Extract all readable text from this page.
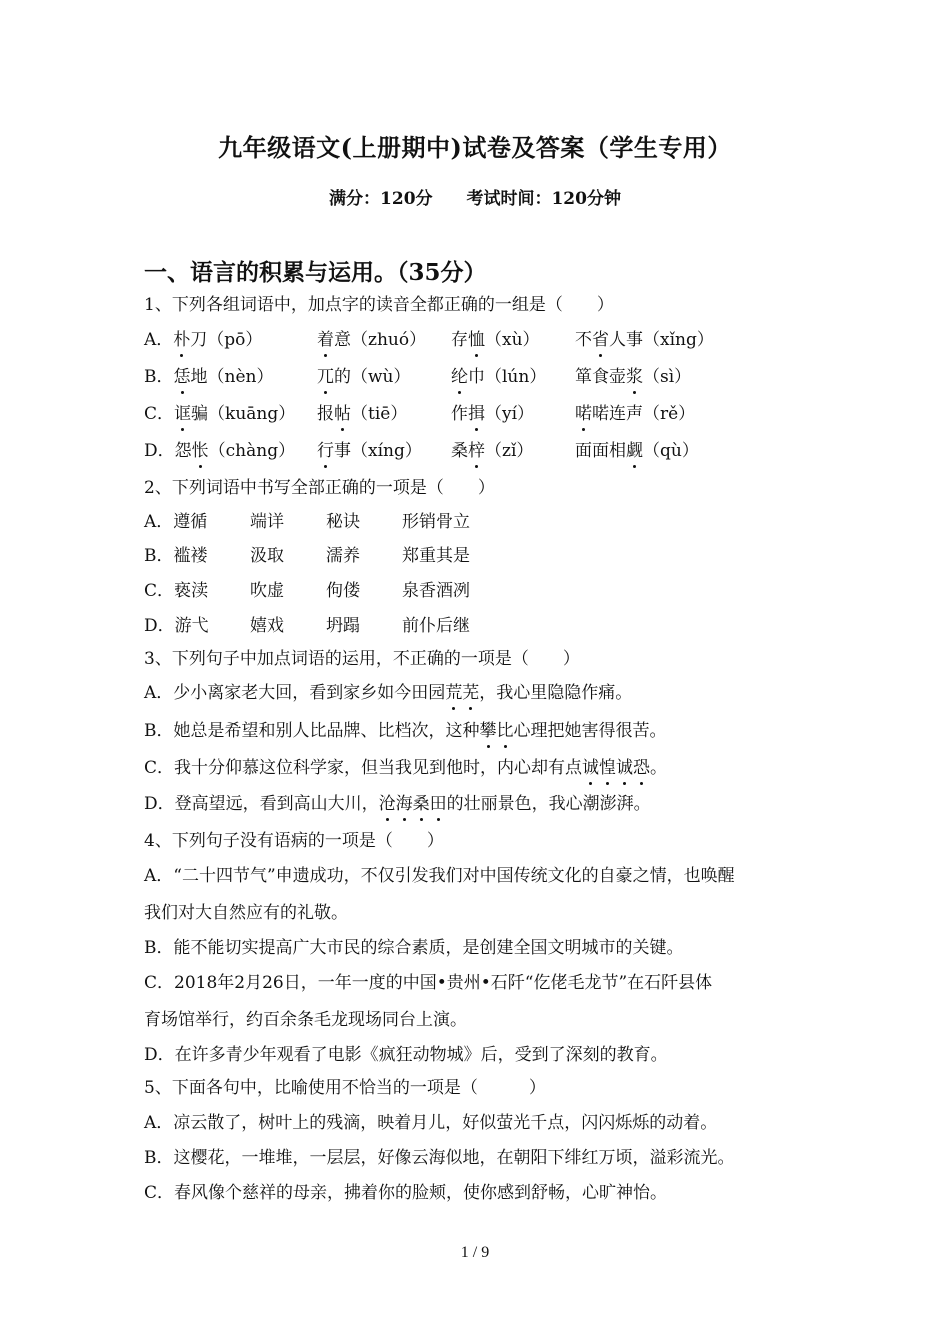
九年级语文(上册期中)试卷及答案（学生专用）
满分：120分 考试时间：120分钟
一、语言的积累与运用。（35分）
1、下列各组词语中，加点字的读音全都正确的一组是（　　）
A．朴刀（pō）	着意（zhuó） 存恤（xù） 不省人事（xǐng）
B．恁地（nèn）	兀的（wù） 纶巾（lún） 箪食壶浆（sì）
C．诓骗（kuāng） 报帖（tiē）	作揖（yí） 喏喏连声（rě）
D．怨怅（chàng） 行事（xíng） 桑梓（zǐ） 面面相觑（qù）
2、下列词语中书写全部正确的一项是（　　）
A．遵循	端详 秘诀 形销骨立
B．褴褛	汲取 濡养 郑重其是
C．亵渎 吹虚 佝偻 泉香酒冽
D．游弋 嬉戏 坍蹋 前仆后继
3、下列句子中加点词语的运用，不正确的一项是（　　）
A．少小离家老大回，看到家乡如今田园荒芜，我心里隐隐作痛。
B．她总是希望和别人比品牌、比档次，这种攀比心理把她害得很苦。
C．我十分仰慕这位科学家，但当我见到他时，内心却有点诚惶诚恐。
D．登高望远，看到高山大川，沧海桑田的壮丽景色，我心潮澎湃。
4、下列句子没有语病的一项是（　　）
A．“二十四节气”申遗成功，不仅引发我们对中国传统文化的自豪之情，也唤醒
我们对大自然应有的礼敬。
B．能不能切实提高广大市民的综合素质，是创建全国文明城市的关键。
C．2018年2月26日，一年一度的中国•贵州•石阡“仡佬毛龙节”在石阡县体
育场馆举行，约百余条毛龙现场同台上演。
D．在许多青少年观看了电影《疯狂动物城》后，受到了深刻的教育。
5、下面各句中，比喻使用不恰当的一项是（　　　）
A．凉云散了，树叶上的残滴，映着月儿，好似萤光千点，闪闪烁烁的动着。
B．这樱花，一堆堆，一层层，好像云海似地，在朝阳下绯红万顷，溢彩流光。
C．春风像个慈祥的母亲，拂着你的脸颊，使你感到舒畅，心旷神怡。
1 / 9
